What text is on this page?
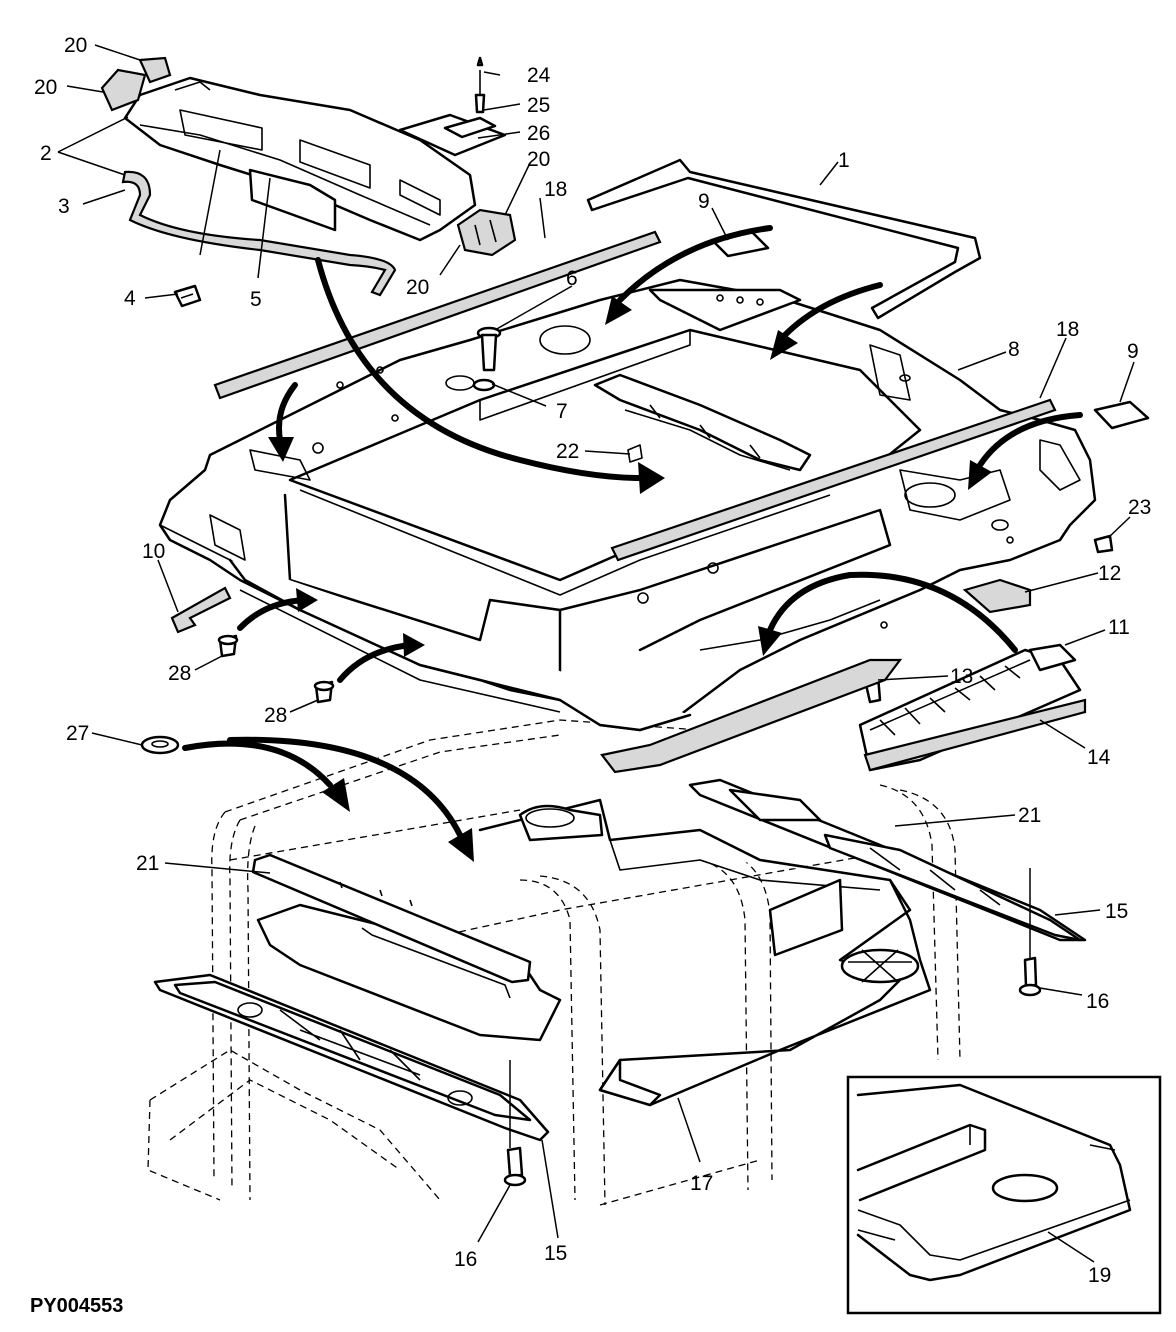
20
20
2
3
4	5
24
25
26
20
20
18
1
9
6
7
8
18
9
22
23
10
12
11
13
14
28
28
27
21
21
15
16
17
16	15
19
PY004553
